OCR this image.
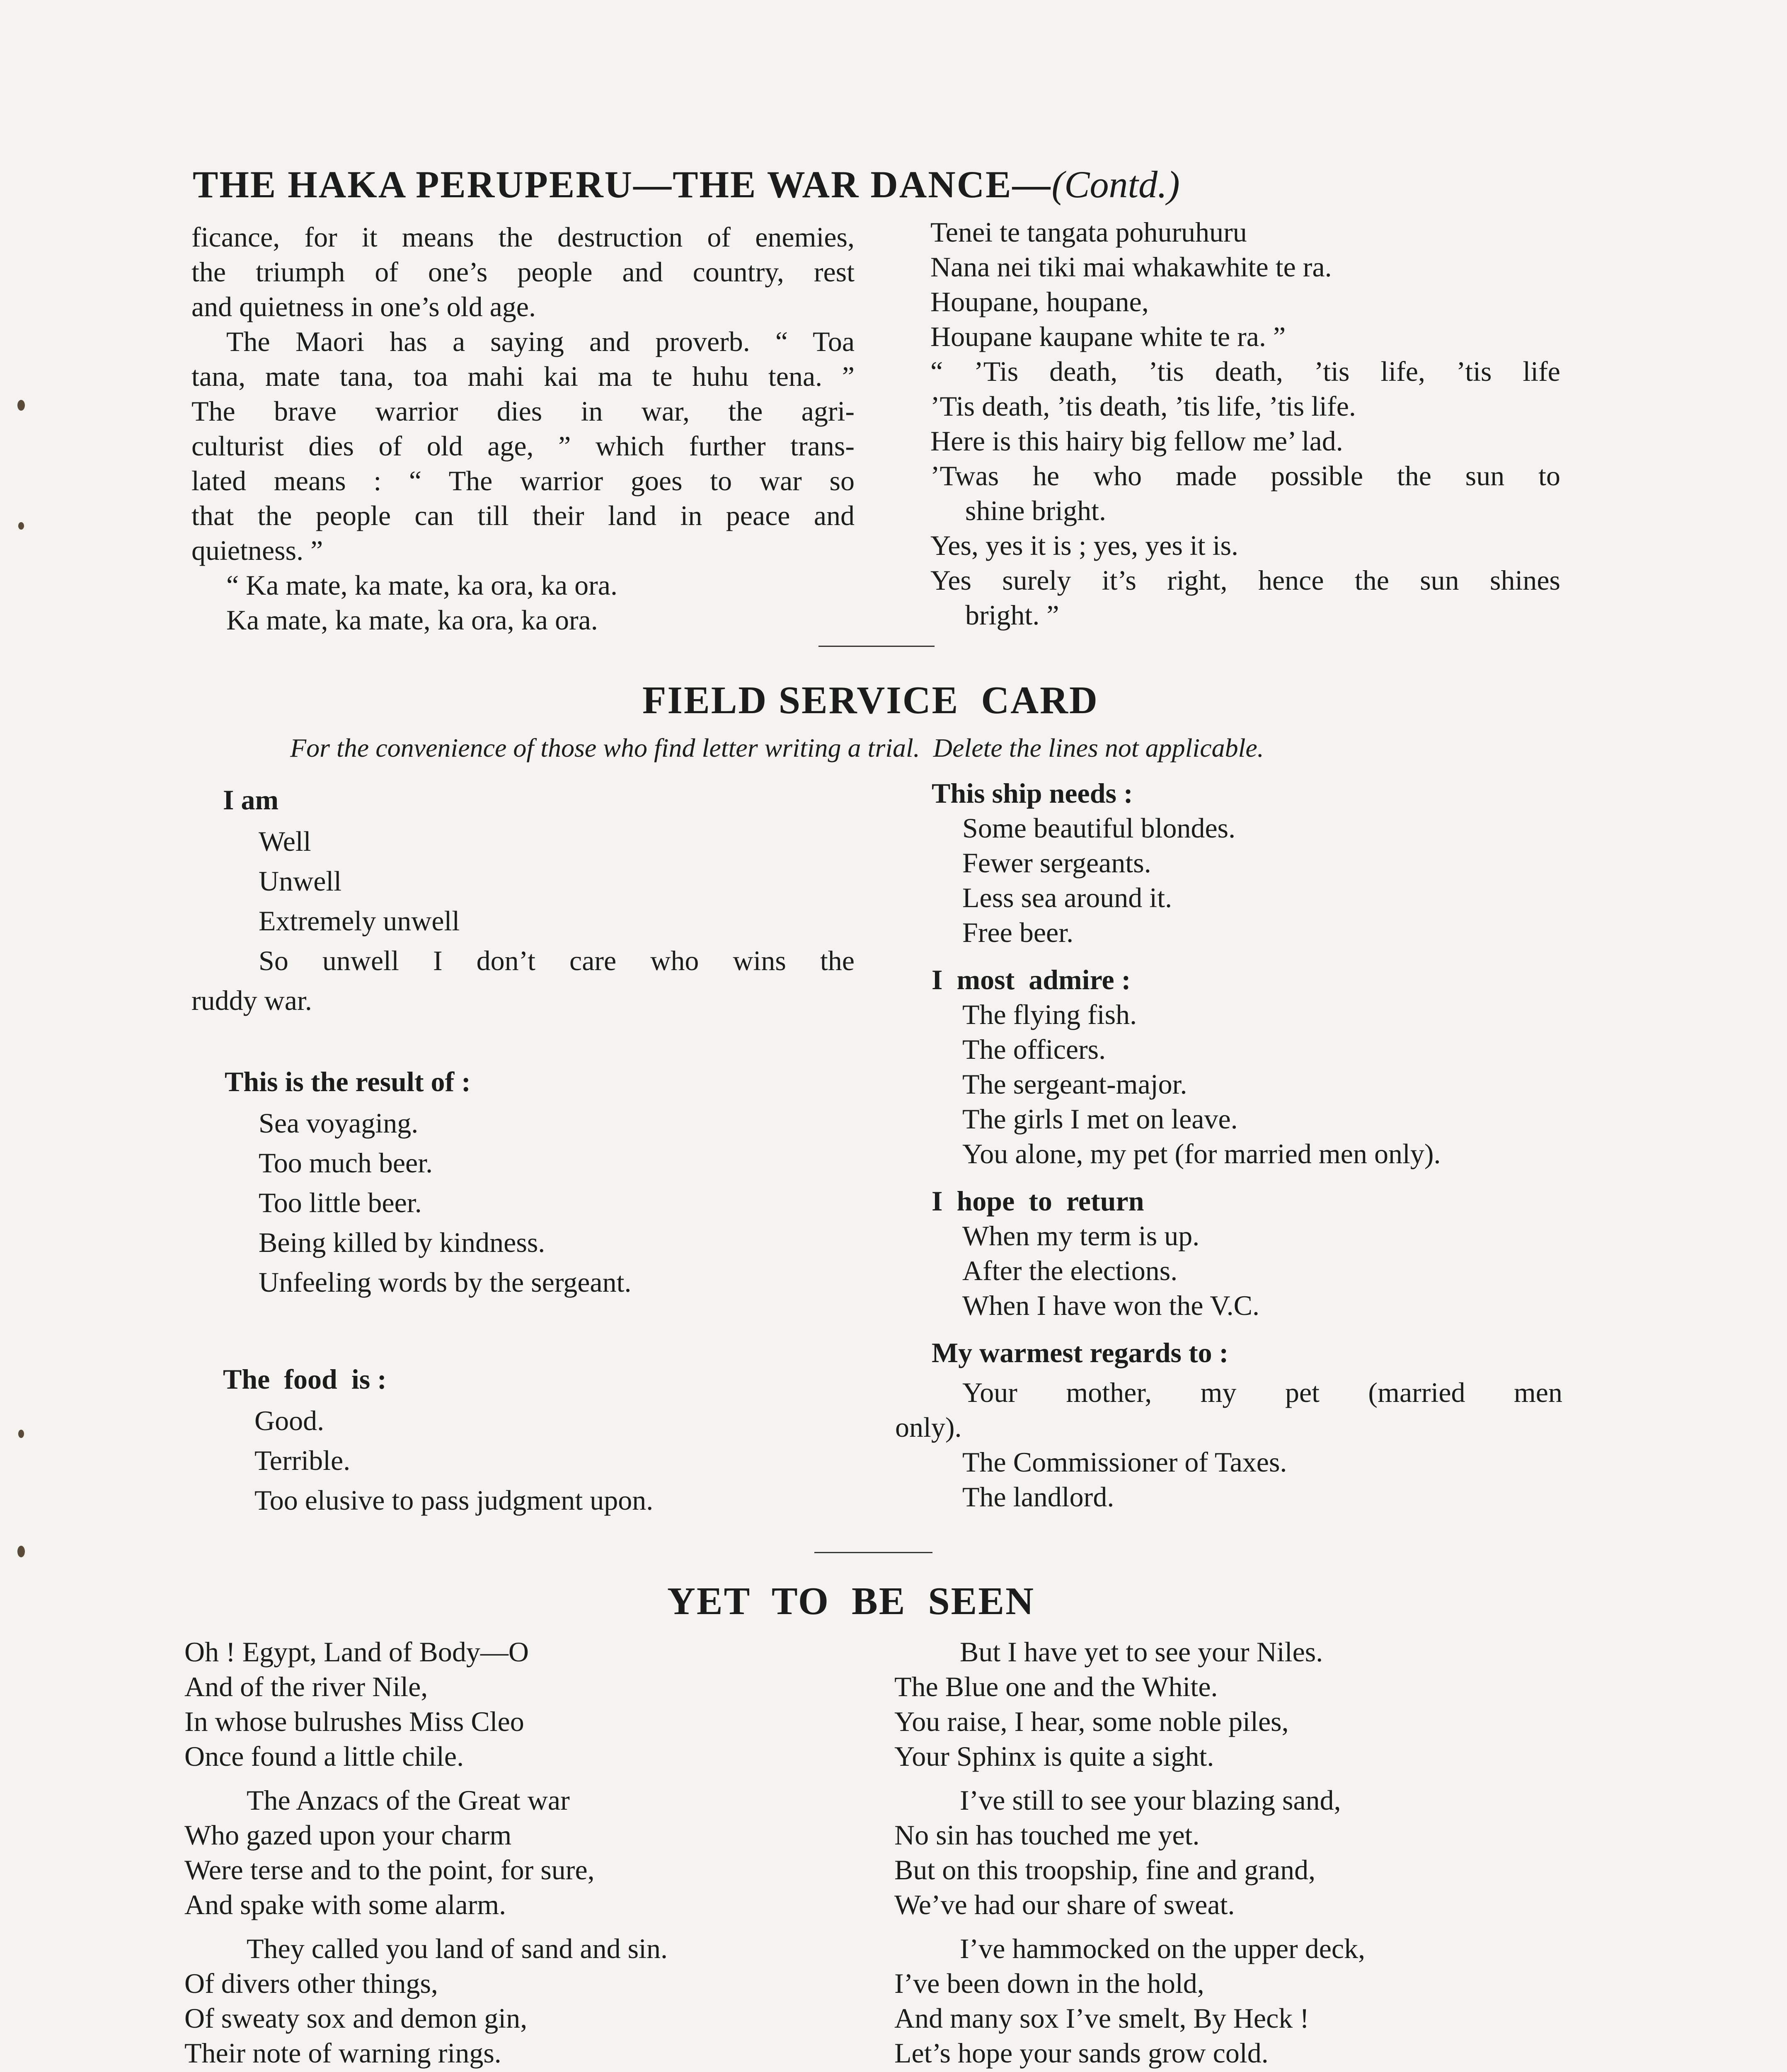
THE HAKA PERUPERU—THE WAR DANCE—(Contd.)
ficance, for it means the destruction of enemies,
the triumph of one’s people and country, rest
and quietness in one’s old age.
The Maori has a saying and proverb. “ Toa
tana, mate tana, toa mahi kai ma te huhu tena. ”
The brave warrior dies in war, the agri-
culturist dies of old age, ” which further trans-
lated means : “ The warrior goes to war so
that the people can till their land in peace and
quietness. ”
“ Ka mate, ka mate, ka ora, ka ora.
Ka mate, ka mate, ka ora, ka ora.
Tenei te tangata pohuruhuru
Nana nei tiki mai whakawhite te ra.
Houpane, houpane,
Houpane kaupane white te ra. ”
“ ’Tis death, ’tis death, ’tis life, ’tis life
’Tis death, ’tis death, ’tis life, ’tis life.
Here is this hairy big fellow me’ lad.
’Twas he who made possible the sun to
shine bright.
Yes, yes it is ; yes, yes it is.
Yes surely it’s right, hence the sun shines
bright. ”
FIELD SERVICE  CARD
For the convenience of those who find letter writing a trial.  Delete the lines not applicable.
I am
Well
Unwell
Extremely unwell
So unwell I don’t care who wins the
ruddy war.
This is the result of :
Sea voyaging.
Too much beer.
Too little beer.
Being killed by kindness.
Unfeeling words by the sergeant.
The  food  is :
Good.
Terrible.
Too elusive to pass judgment upon.
This ship needs :
Some beautiful blondes.
Fewer sergeants.
Less sea around it.
Free beer.
I  most  admire :
The flying fish.
The officers.
The sergeant-major.
The girls I met on leave.
You alone, my pet (for married men only).
I  hope  to  return
When my term is up.
After the elections.
When I have won the V.C.
My warmest regards to :
Your mother, my pet (married men
only).
The Commissioner of Taxes.
The landlord.
YET  TO  BE  SEEN
Oh ! Egypt, Land of Body—O
And of the river Nile,
In whose bulrushes Miss Cleo
Once found a little chile.
The Anzacs of the Great war
Who gazed upon your charm
Were terse and to the point, for sure,
And spake with some alarm.
They called you land of sand and sin.
Of divers other things,
Of sweaty sox and demon gin,
Their note of warning rings.
But I have yet to see your Niles.
The Blue one and the White.
You raise, I hear, some noble piles,
Your Sphinx is quite a sight.
I’ve still to see your blazing sand,
No sin has touched me yet.
But on this troopship, fine and grand,
We’ve had our share of sweat.
I’ve hammocked on the upper deck,
I’ve been down in the hold,
And many sox I’ve smelt, By Heck !
Let’s hope your sands grow cold.
